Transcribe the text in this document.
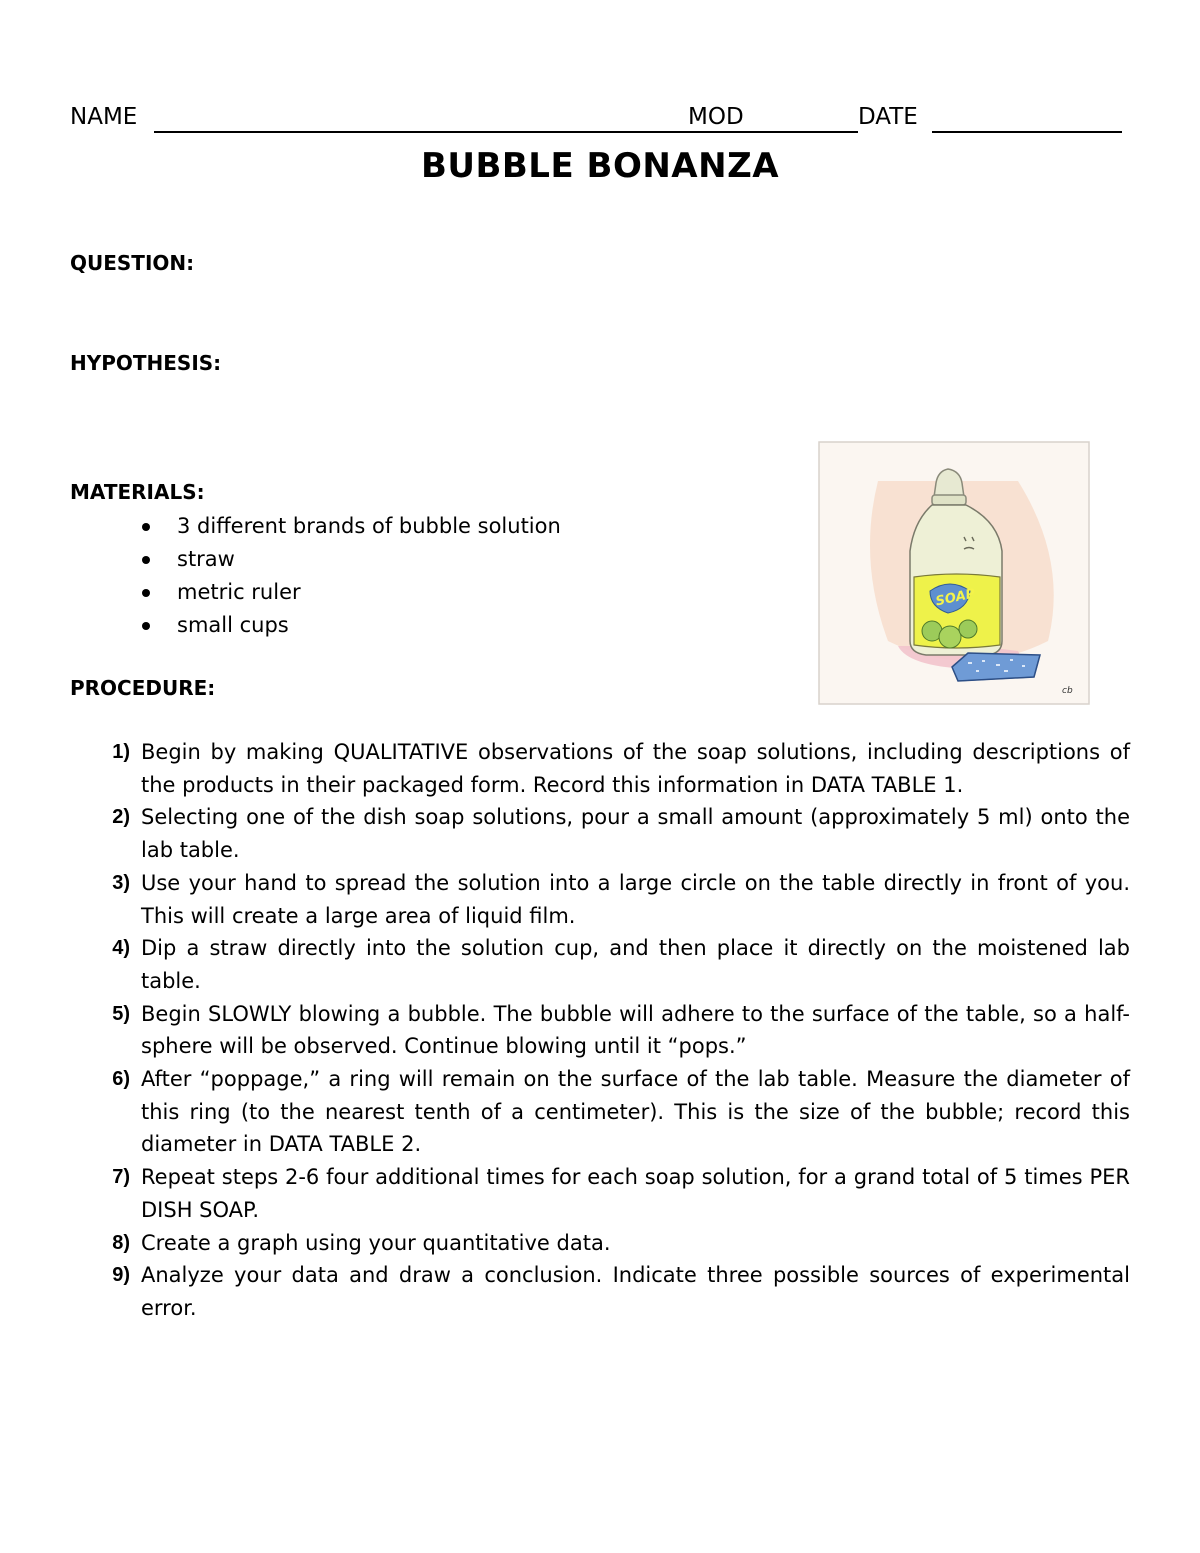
NAME	MOD	DATE
BUBBLE BONANZA
QUESTION:
HYPOTHESIS:
MATERIALS:
3 different brands of bubble solution
straw
metric ruler
small cups
PROCEDURE:
1) Begin by making QUALITATIVE observations of the soap solutions, including descriptions of the products in their packaged form. Record this information in DATA TABLE 1.
2) Selecting one of the dish soap solutions, pour a small amount (approximately 5 ml) onto the lab table.
3) Use your hand to spread the solution into a large circle on the table directly in front of you. This will create a large area of liquid film.
4) Dip a straw directly into the solution cup, and then place it directly on the moistened lab table.
5) Begin SLOWLY blowing a bubble. The bubble will adhere to the surface of the table, so a half-sphere will be observed. Continue blowing until it “pops.”
6) After “poppage,” a ring will remain on the surface of the lab table. Measure the diameter of this ring (to the nearest tenth of a centimeter). This is the size of the bubble; record this diameter in DATA TABLE 2.
7) Repeat steps 2-6 four additional times for each soap solution, for a grand total of 5 times PER DISH SOAP.
8) Create a graph using your quantitative data.
9) Analyze your data and draw a conclusion. Indicate three possible sources of experimental error.
SOAP
cb
